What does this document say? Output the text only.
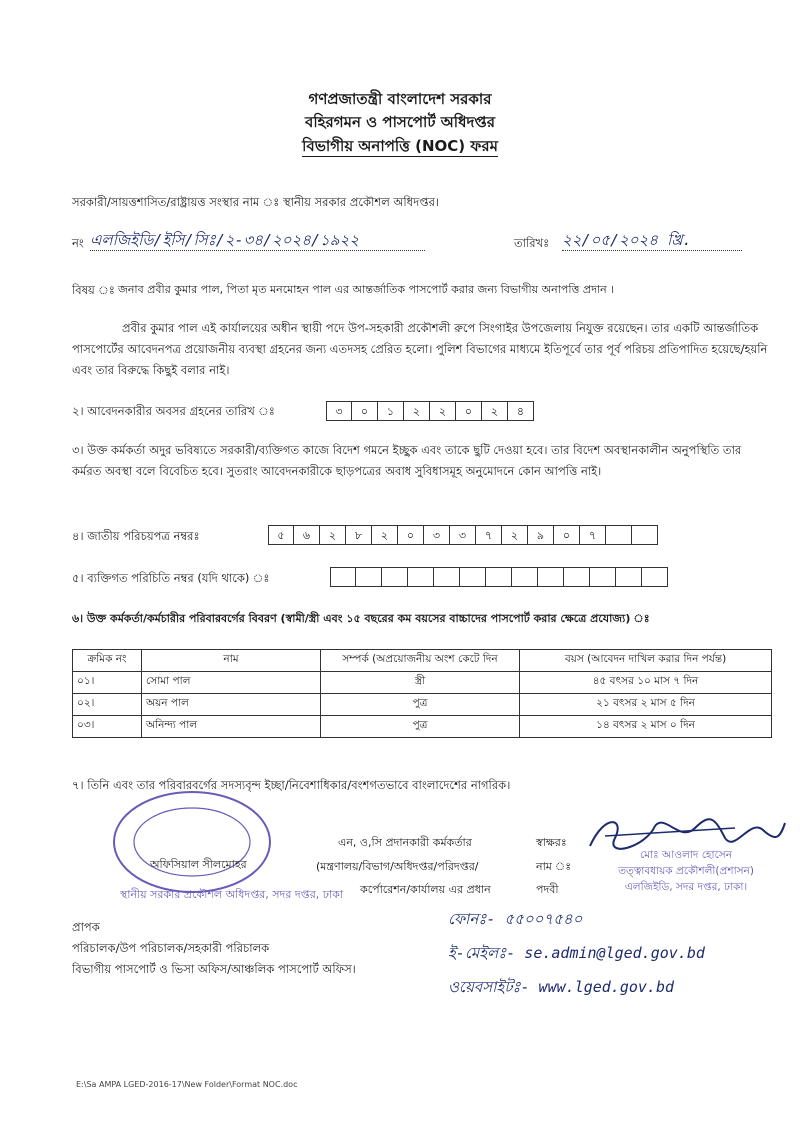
গণপ্রজাতন্ত্রী বাংলাদেশ সরকার
বহিরগমন ও পাসপোর্ট অধিদপ্তর
বিভাগীয় অনাপত্তি (NOC) ফরম
সরকারী/সায়ত্তশাসিত/রাষ্ট্রায়ত্ত সংস্থার নাম ঃ স্থানীয় সরকার প্রকৌশল অধিদপ্তর।
নং এলজিইডি/ইসি/সিঃ/২-৩৪/২০২৪/১৯২২	তারিখঃ ২২/০৫/২০২৪ খ্রি.
বিষয় ঃ জনাব প্রবীর কুমার পাল, পিতা মৃত মনমোহন পাল এর আন্তর্জাতিক পাসপোর্ট করার জন্য বিভাগীয় অনাপত্তি প্রদান ।
প্রবীর কুমার পাল এই কার্যালয়ের অধীন স্থায়ী পদে উপ-সহকারী প্রকৌশলী রুপে সিংগাইর উপজেলায় নিযুক্ত রয়েছেন। তার একটি আন্তর্জাতিক পাসপোর্টের আবেদনপত্র প্রয়োজনীয় ব্যবস্থা গ্রহনের জন্য এতদসহ প্রেরিত হলো। পুলিশ বিভাগের মাধ্যমে ইতিপূর্বে তার পূর্ব পরিচয় প্রতিপাদিত হয়েছে/হয়নি এবং তার বিরুদ্ধে কিছুই বলার নাই।
২। আবেদনকারীর অবসর গ্রহনের তারিখ ঃ	৩	০	১	২	২	০	২	৪
৩। উক্ত কর্মকর্তা অদুর ভবিষ্যতে সরকারী/ব্যক্তিগত কাজে বিদেশ গমনে ইচ্ছুক এবং তাকে ছুটি দেওয়া হবে। তার বিদেশ অবস্থানকালীন অনুপস্থিতি তার কর্মরত অবস্থা বলে বিবেচিত হবে। সুতরাং আবেদনকারীকে ছাড়পত্রের অবাধ সুবিধাসমূহ অনুমোদনে কোন আপত্তি নাই।
৪। জাতীয় পরিচয়পত্র নম্বরঃ	৫	৬	২	৮	২	০	৩	৩	৭	২	৯	০	৭
৫। ব্যক্তিগত পরিচিতি নম্বর (যদি থাকে) ঃ
৬। উক্ত কর্মকর্তা/কর্মচারীর পরিবারবর্গের বিবরণ (স্বামী/স্ত্রী এবং ১৫ বছরের কম বয়সের বাচ্চাদের পাসপোর্ট করার ক্ষেত্রে প্রযোজ্য) ঃ
ক্রমিক নং	নাম	সম্পর্ক (অপ্রয়োজনীয় অংশ কেটে দিন	বয়স (আবেদন দাখিল করার দিন পর্যন্ত)
০১।	সোমা পাল	স্ত্রী	৪৫ বৎসর ১০ মাস ৭ দিন
০২।	অয়ন পাল	পুত্র	২১ বৎসর ২ মাস ৫ দিন
০৩।	অনিন্দ্য পাল	পুত্র	১৪ বৎসর ২ মাস ০ দিন
৭। তিনি এবং তার পরিবারবর্গের সদস্যবৃন্দ ইচ্ছা/নিবেশাধিকার/বংশগতভাবে বাংলাদেশের নাগরিক।
স্থানীয় সরকার প্রকৌশল অধিদপ্তর, সদর দপ্তর, ঢাকা
অফিসিয়াল সীলমোহর
এন, ও,সি প্রদানকারী কর্মকর্তার
(মন্ত্রণালয়/বিভাগ/অধিদপ্তর/পরিদপ্তর/
কর্পোরেশন/কার্যালয় এর প্রধান
স্বাক্ষরঃ
নাম ঃ
পদবী
মোঃ আওলাদ হোসেন
তত্ত্বাবধায়ক প্রকৌশলী(প্রশাসন)
এলজিইডি, সদর দপ্তর, ঢাকা।
ফোনঃ- ৫৫০০৭৫৪০
ই-মেইলঃ- se.admin@lged.gov.bd
ওয়েবসাইটঃ- www.lged.gov.bd
প্রাপক
পরিচালক/উপ পরিচালক/সহকারী পরিচালক
বিভাগীয় পাসপোর্ট ও ভিসা অফিস/আঞ্চলিক পাসপোর্ট অফিস।
E:\Sa AMPA LGED-2016-17\New Folder\Format NOC.doc
